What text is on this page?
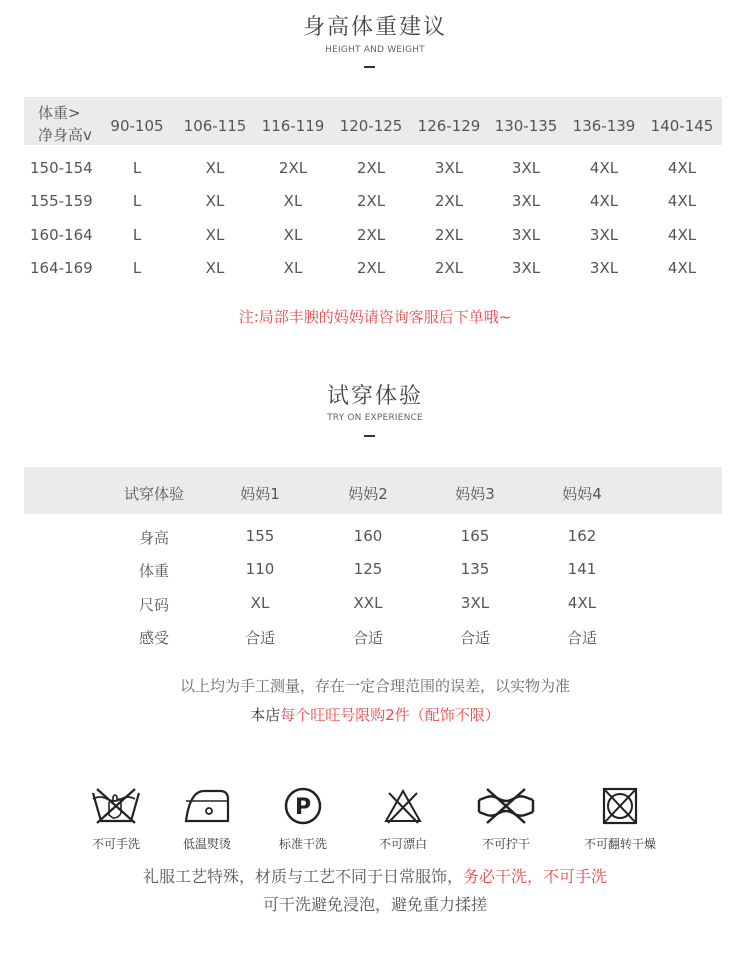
身高体重建议
HEIGHT AND WEIGHT
体重>
净身高v	90-105	106-115	116-119	120-125	126-129 130-135	136-139	140-145
150-154	L	XL	2XL	2XL	3XL	3XL	4XL	4XL
155-159	L	XL	XL	2XL	2XL	3XL	4XL	4XL
160-164	L	XL	XL	2XL	2XL	3XL	3XL	4XL
164-169	L	XL	XL	2XL	2XL	3XL	3XL	4XL
注:局部丰腴的妈妈请咨询客服后下单哦~
试穿体验
TRY ON EXPERIENCE
试穿体验	妈妈1	妈妈2	妈妈3	妈妈4
身高	155	160	165	162
体重	110	125	135	141
尺码	XL	XXL	3XL	4XL
感受	合适	合适	合适	合适
以上均为手工测量，存在一定合理范围的误差，以实物为准
本店每个旺旺号限购2件（配饰不限）
不可手洗	低温熨烫
P
标准干洗	不可漂白	不可拧干	不可翻转干燥
礼服工艺特殊，材质与工艺不同于日常服饰，务必干洗，不可手洗
可干洗避免浸泡，避免重力揉搓
